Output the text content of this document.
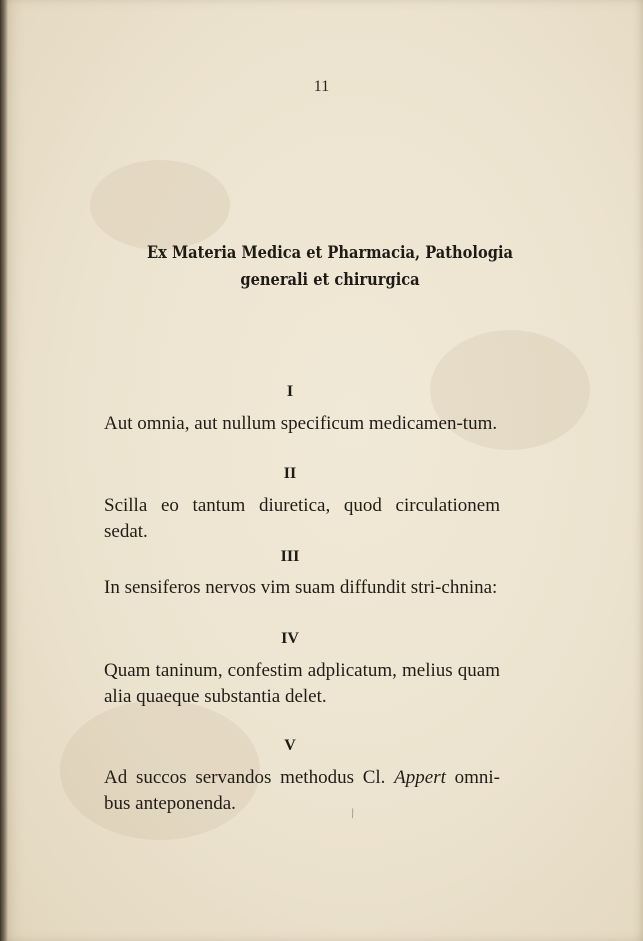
11
Ex Materia Medica et Pharmacia, Pathologia
generali et chirurgica
I
Aut omnia, aut nullum specificum medicamen-tum.
II
Scilla eo tantum diuretica, quod circulationem sedat.
III
In sensiferos nervos vim suam diffundit stri-chnina:
IV
Quam taninum, confestim adplicatum, melius quam alia quaeque substantia delet.
V
Ad succos servandos methodus Cl. Appert omni-bus anteponenda.	⁄
